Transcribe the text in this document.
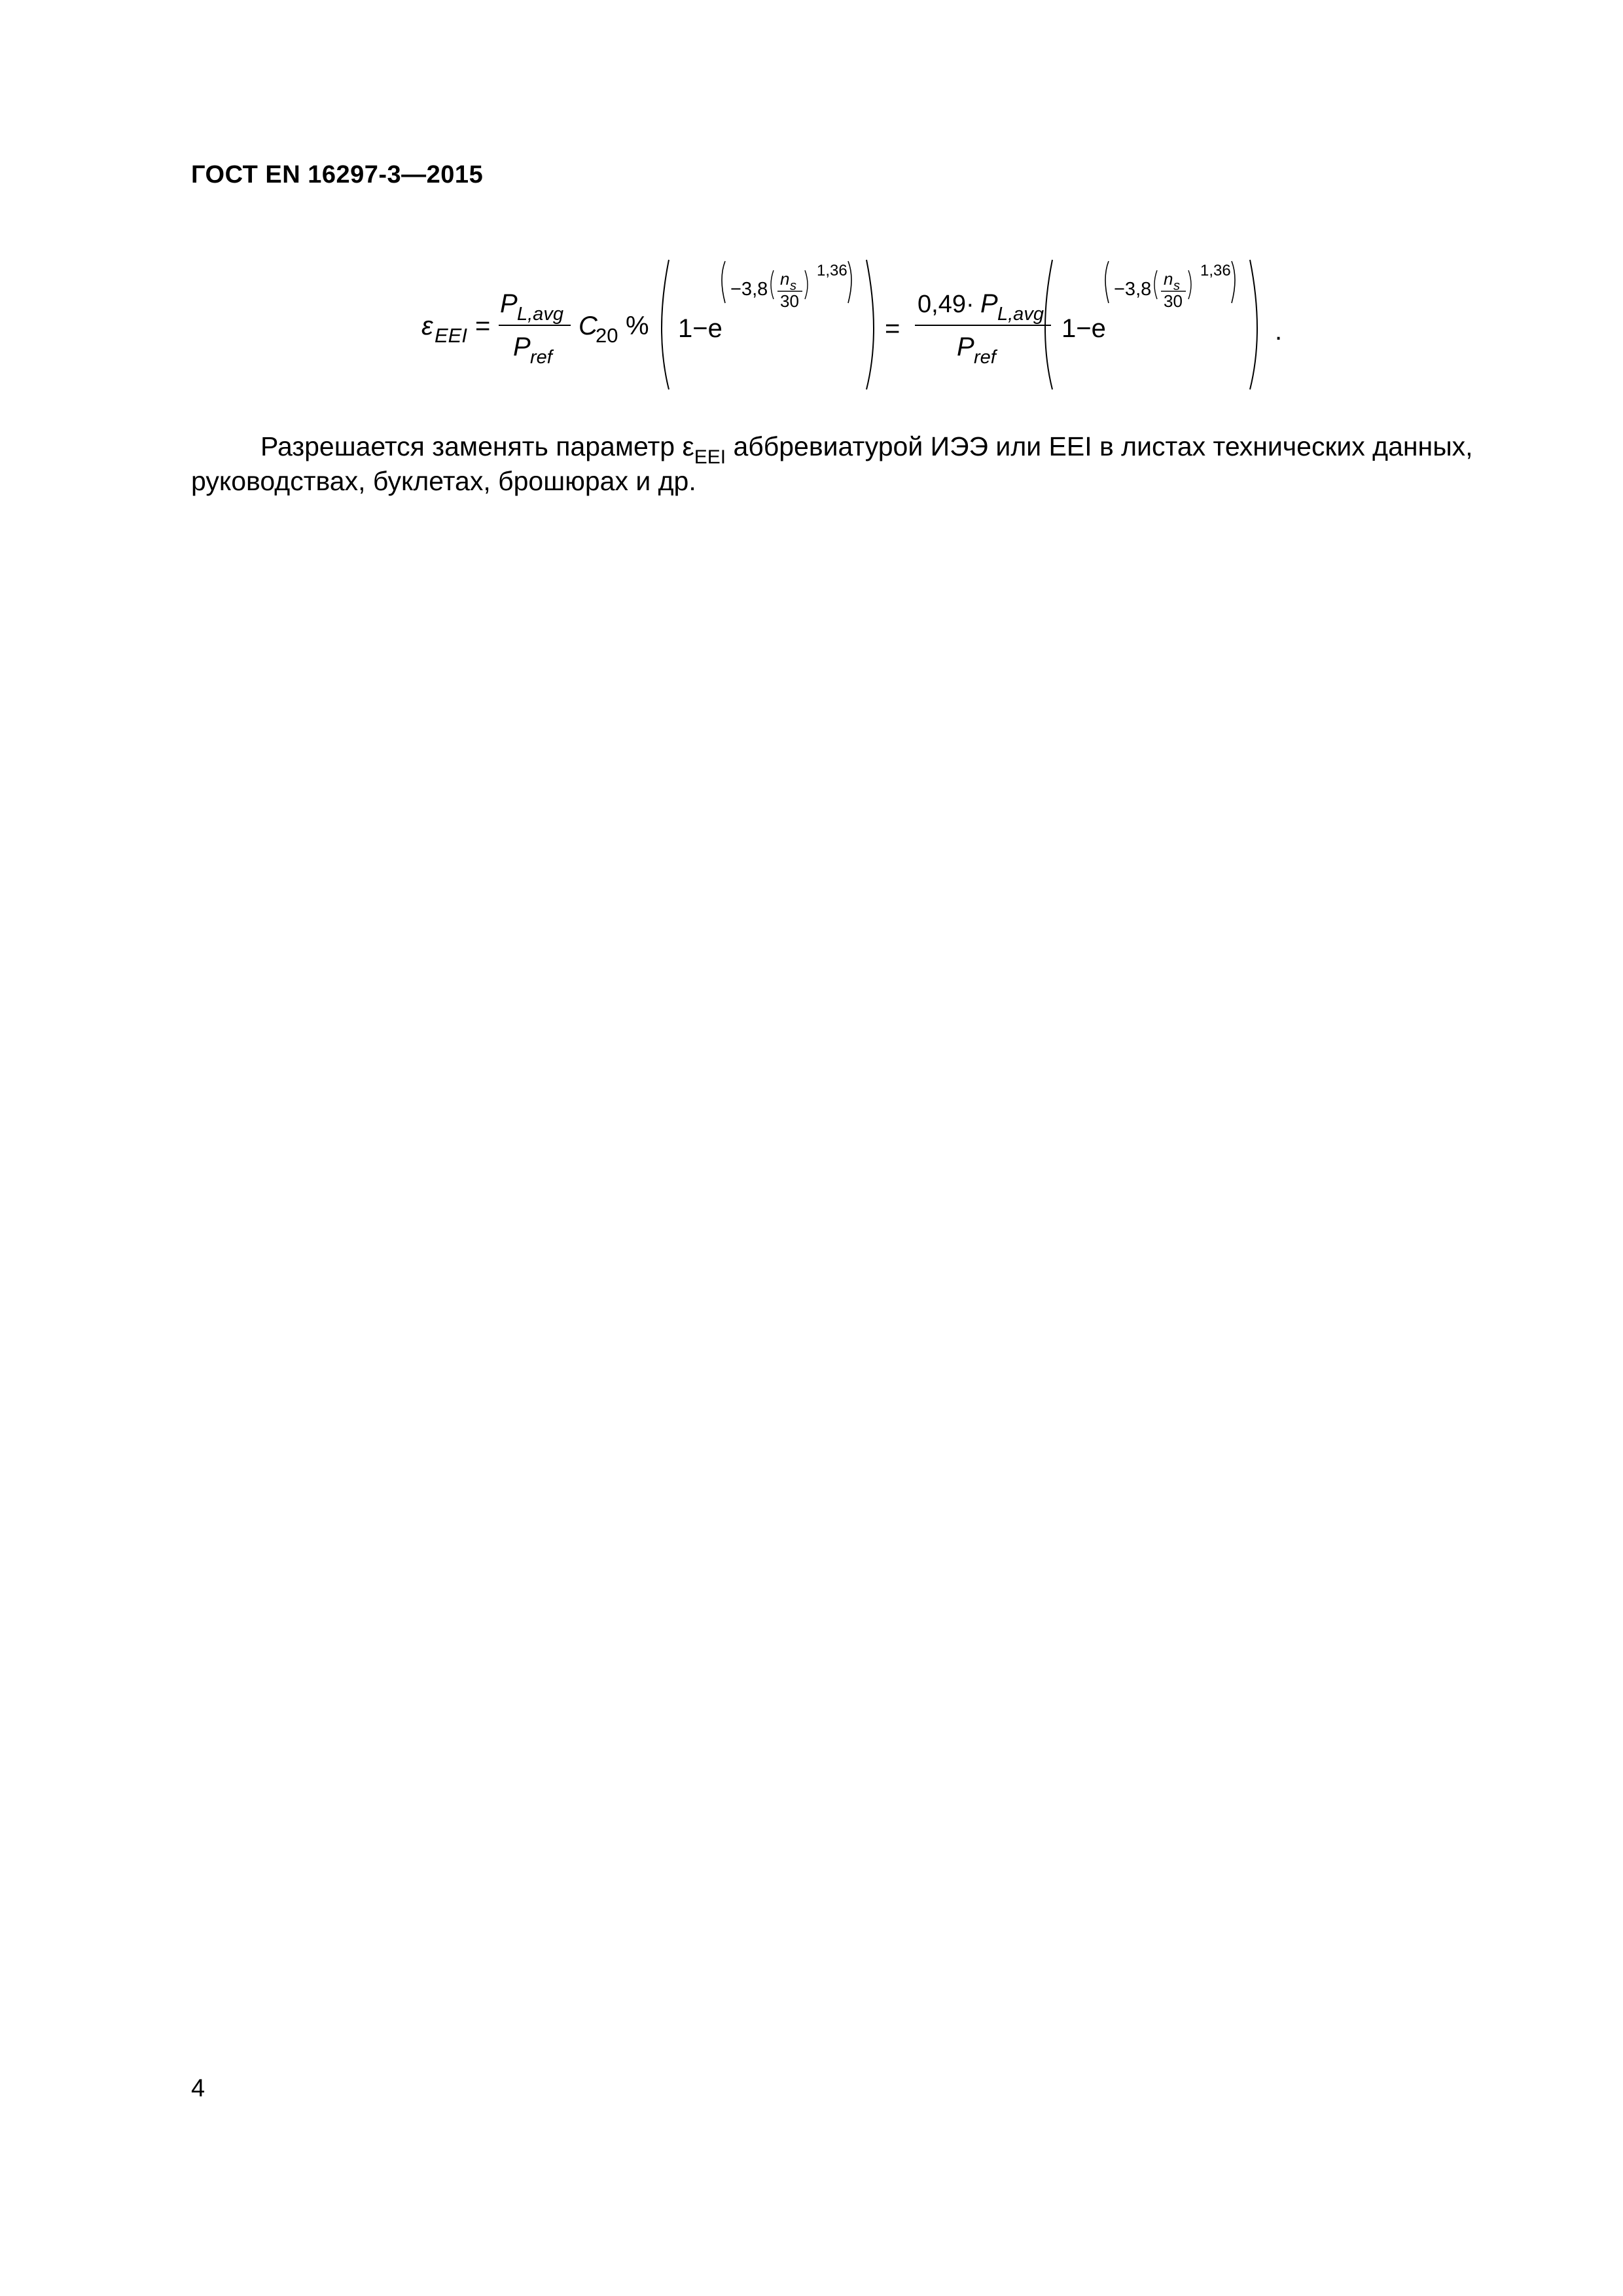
ГОСТ EN 16297-3—2015
ε EEI =
P L,avg
P ref
C
20 % 1−e
−3,8 n s
30
1,36
=
0,49· P L,avg
P ref
1−e
−3,8 n s
30
1,36
.
Разрешается заменять параметр $\varepsilon_{EEI}$ аббревиатурой ИЭЭ или EEI в листах технических данных, руководствах, буклетах, брошюрах и др.
4
